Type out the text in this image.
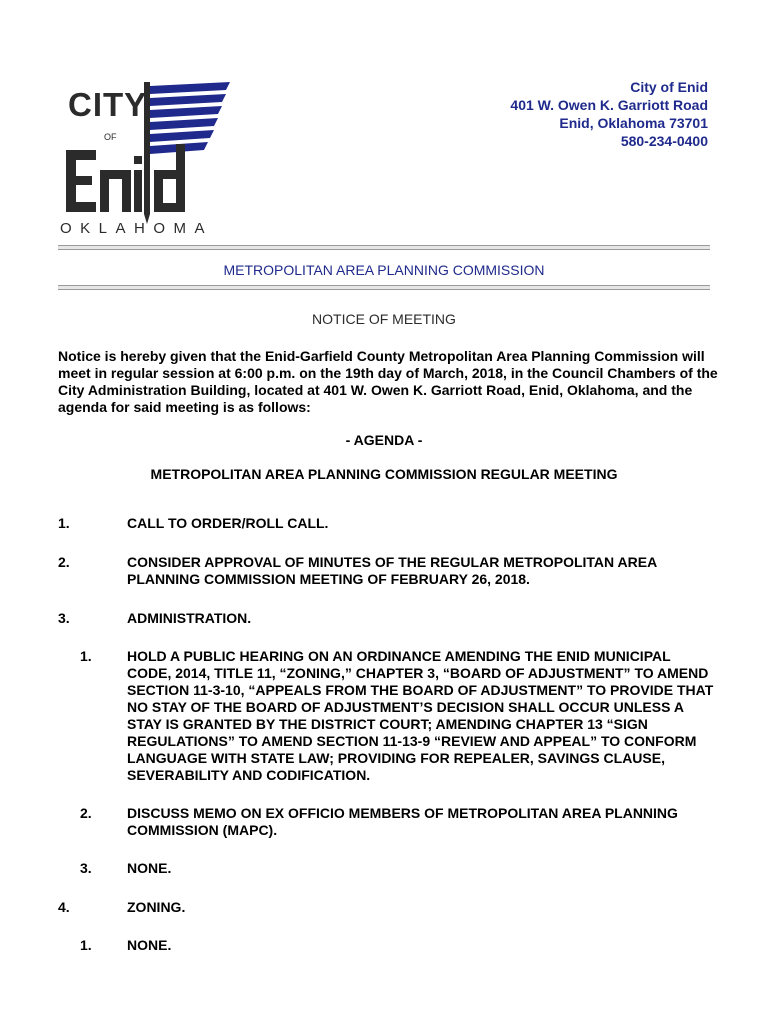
CITY
OF
OKLAHOMA
City of Enid
401 W. Owen K. Garriott Road
Enid, Oklahoma 73701
580-234-0400
METROPOLITAN AREA PLANNING COMMISSION
NOTICE OF MEETING
Notice is hereby given that the Enid-Garfield County Metropolitan Area Planning Commission will meet in regular session at 6:00 p.m. on the 19th day of March, 2018, in the Council Chambers of the City Administration Building, located at 401 W. Owen K. Garriott Road, Enid, Oklahoma, and the agenda for said meeting is as follows:
- AGENDA -
METROPOLITAN AREA PLANNING COMMISSION REGULAR MEETING
1.	CALL TO ORDER/ROLL CALL.
2.	CONSIDER APPROVAL OF MINUTES OF THE REGULAR METROPOLITAN AREA PLANNING COMMISSION MEETING OF FEBRUARY 26, 2018.
3.	ADMINISTRATION.
1.	HOLD A PUBLIC HEARING ON AN ORDINANCE AMENDING THE ENID MUNICIPAL CODE, 2014, TITLE 11, “ZONING,” CHAPTER 3, “BOARD OF ADJUSTMENT” TO AMEND SECTION 11-3-10, “APPEALS FROM THE BOARD OF ADJUSTMENT” TO PROVIDE THAT NO STAY OF THE BOARD OF ADJUSTMENT’S DECISION SHALL OCCUR UNLESS A STAY IS GRANTED BY THE DISTRICT COURT; AMENDING CHAPTER 13 “SIGN REGULATIONS” TO AMEND SECTION 11-13-9 “REVIEW AND APPEAL” TO CONFORM LANGUAGE WITH STATE LAW; PROVIDING FOR REPEALER, SAVINGS CLAUSE, SEVERABILITY AND CODIFICATION.
2.	DISCUSS MEMO ON EX OFFICIO MEMBERS OF METROPOLITAN AREA PLANNING COMMISSION (MAPC).
3.	NONE.
4.	ZONING.
1.	NONE.
